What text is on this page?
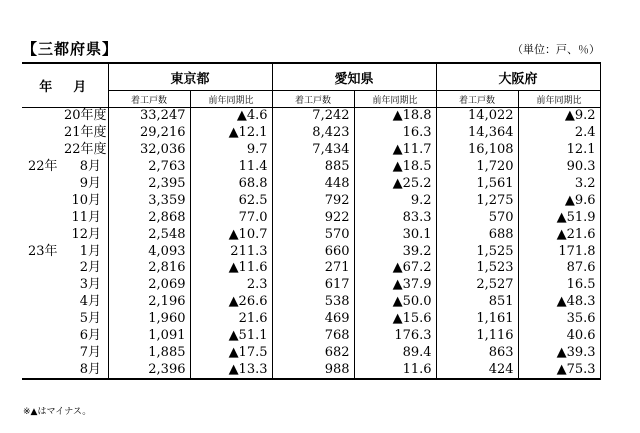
【三都府県】	（単位：戸、％）
年　月	東京都		愛知県		大阪府	
	着工戸数	前年同期比	着工戸数	前年同期比	着工戸数	前年同期比
20年度	33,247	▲4.6	7,242	▲18.8	14,022	▲9.2
21年度	29,216	▲12.1	8,423	16.3	14,364	2.4
22年度	32,036	9.7	7,434	▲11.7	16,108	12.1
22年 8月	2,763	11.4	885	▲18.5	1,720	90.3
9月	2,395	68.8	448	▲25.2	1,561	3.2
10月	3,359	62.5	792	9.2	1,275	▲9.6
11月	2,868	77.0	922	83.3	570	▲51.9
12月	2,548	▲10.7	570	30.1	688	▲21.6
23年 1月	4,093	211.3	660	39.2	1,525	171.8
2月	2,816	▲11.6	271	▲67.2	1,523	87.6
3月	2,069	2.3	617	▲37.9	2,527	16.5
4月	2,196	▲26.6	538	▲50.0	851	▲48.3
5月	1,960	21.6	469	▲15.6	1,161	35.6
6月	1,091	▲51.1	768	176.3	1,116	40.6
7月	1,885	▲17.5	682	89.4	863	▲39.3
8月	2,396	▲13.3	988	11.6	424	▲75.3
※▲はマイナス。
